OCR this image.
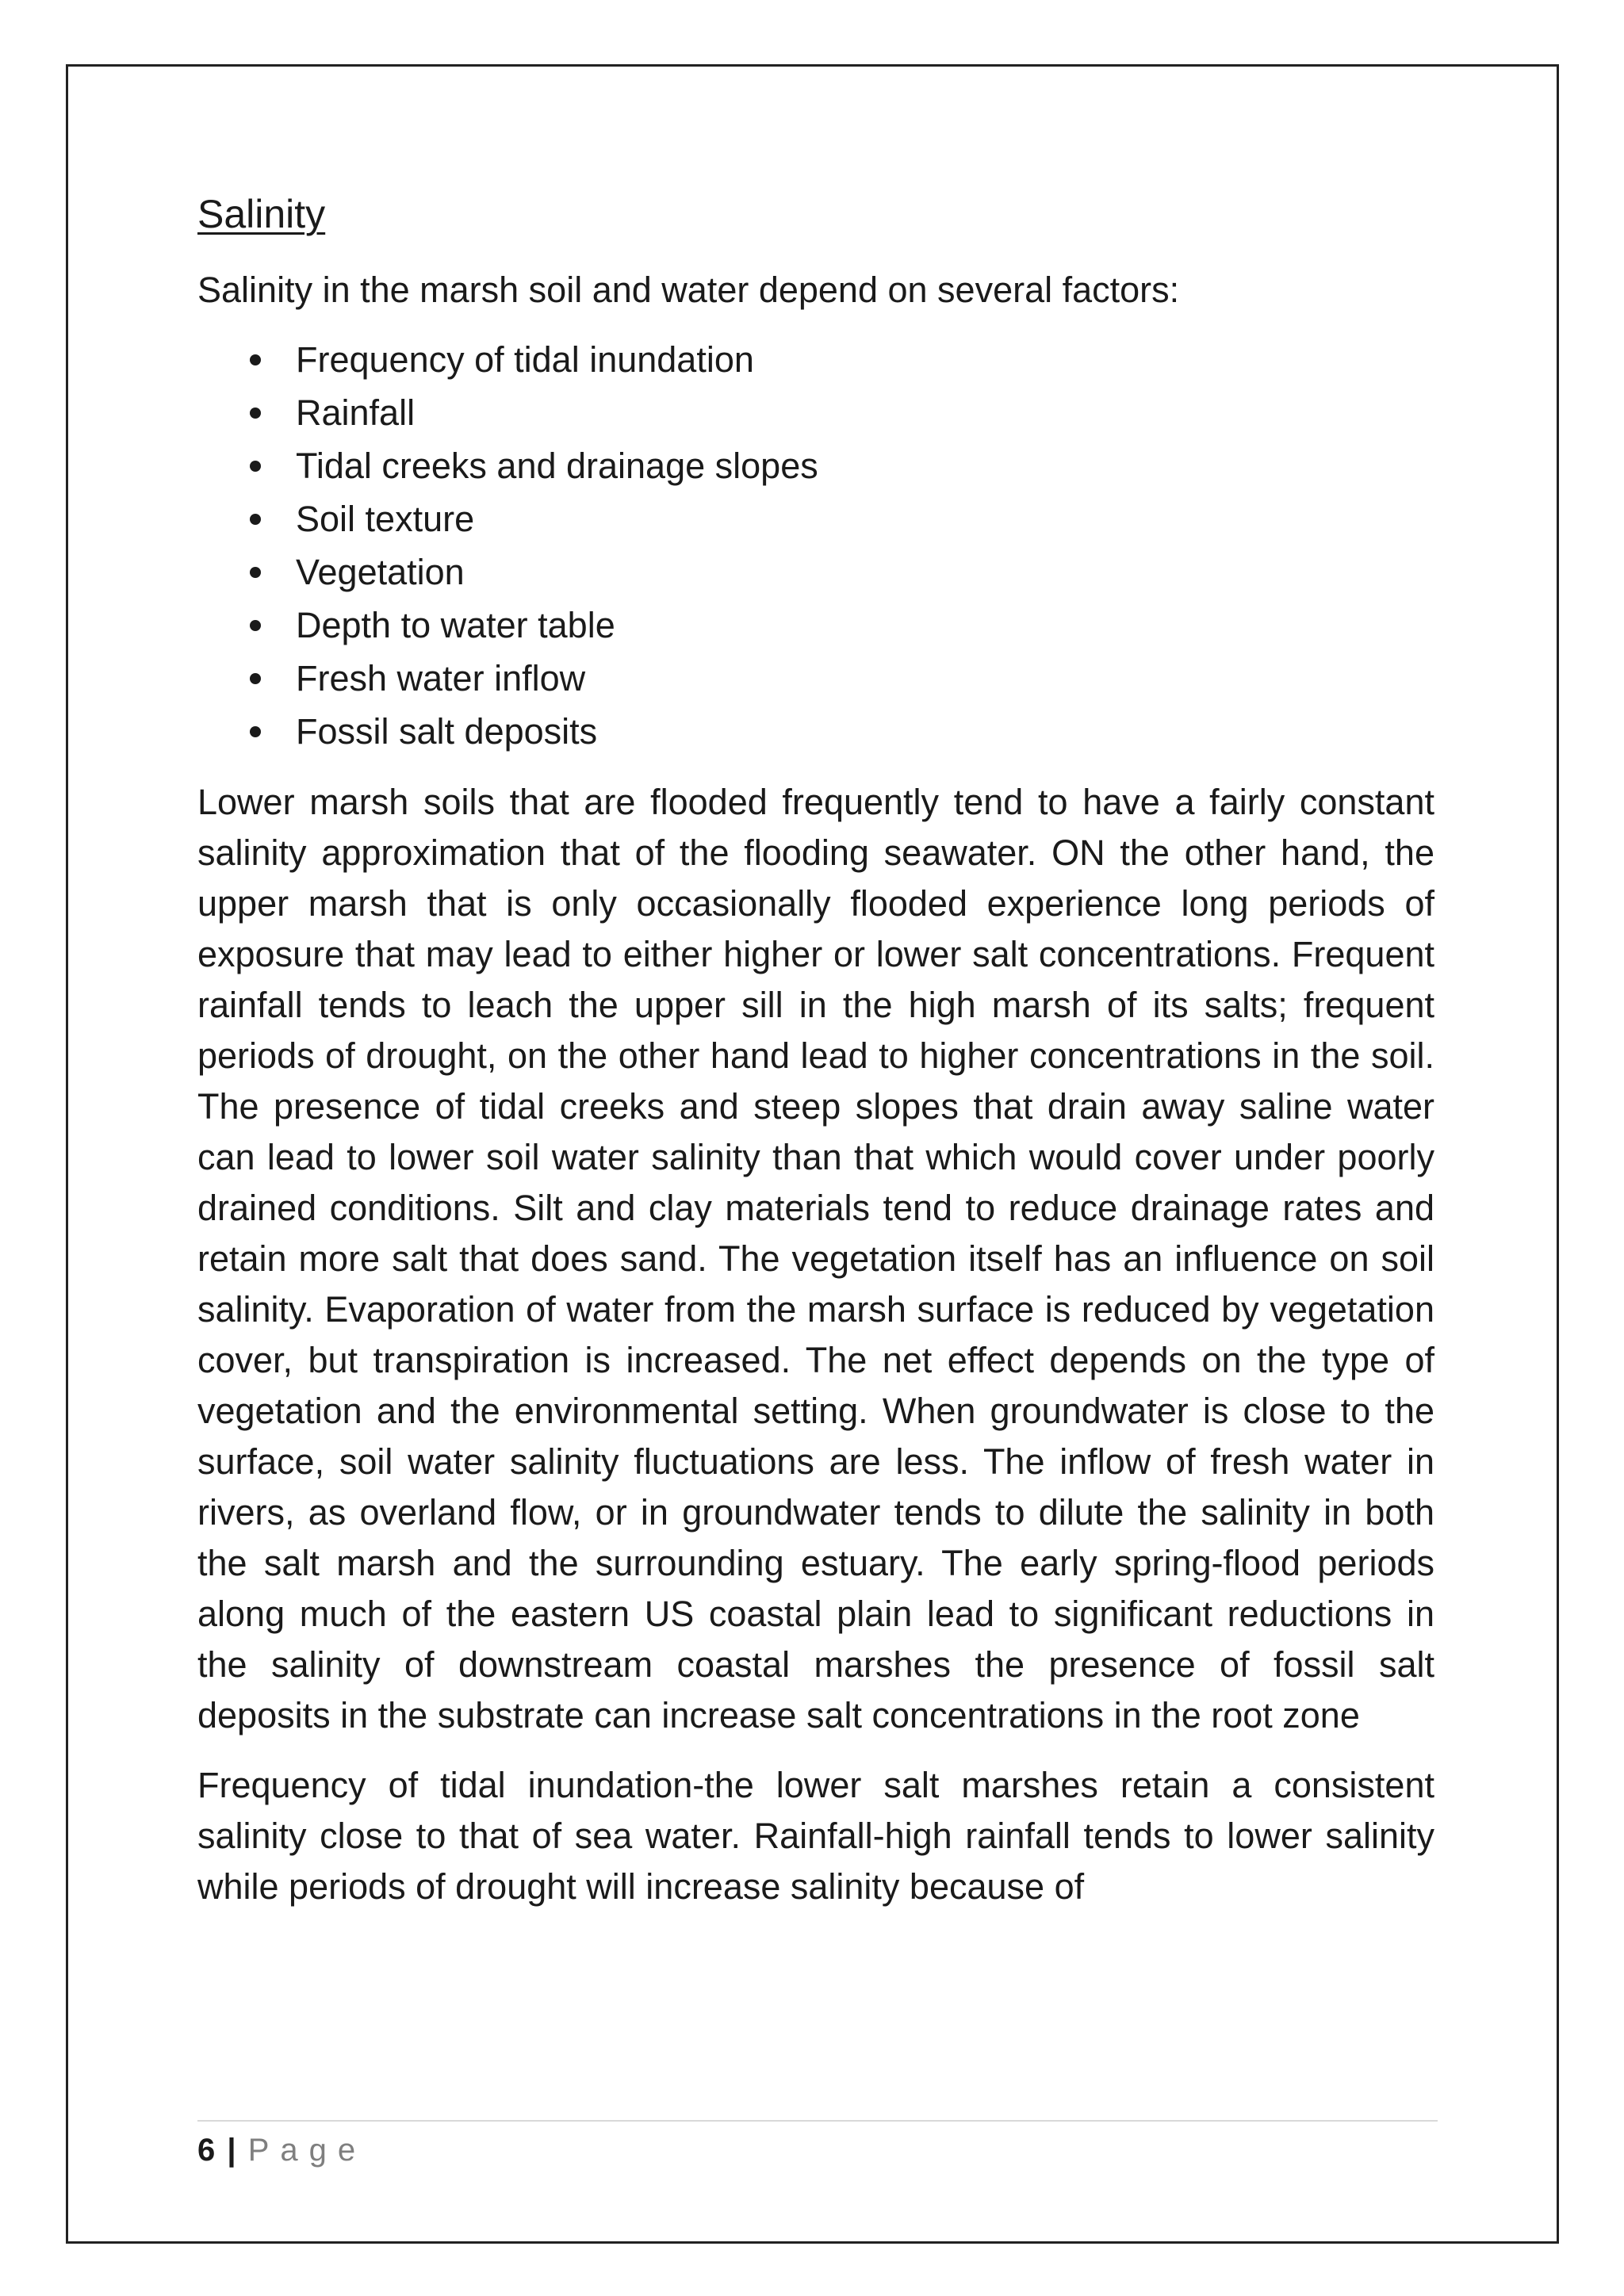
Salinity

Salinity in the marsh soil and water depend on several factors:

Frequency of tidal inundation
Rainfall
Tidal creeks and drainage slopes
Soil texture
Vegetation
Depth to water table
Fresh water inflow
Fossil salt deposits

Lower marsh soils that are flooded frequently tend to have a fairly constant salinity approximation that of the flooding seawater. ON the other hand, the upper marsh that is only occasionally flooded experience long periods of exposure that may lead to either higher or lower salt concentrations. Frequent rainfall tends to leach the upper sill in the high marsh of its salts; frequent periods of drought, on the other hand lead to higher concentrations in the soil. The presence of tidal creeks and steep slopes that drain away saline water can lead to lower soil water salinity than that which would cover under poorly drained conditions. Silt and clay materials tend to reduce drainage rates and retain more salt that does sand. The vegetation itself has an influence on soil salinity. Evaporation of water from the marsh surface is reduced by vegetation cover, but transpiration is increased. The net effect depends on the type of vegetation and the environmental setting. When groundwater is close to the surface, soil water salinity fluctuations are less. The inflow of fresh water in rivers, as overland flow, or in groundwater tends to dilute the salinity in both the salt marsh and the surrounding estuary. The early spring-flood periods along much of the eastern US coastal plain lead to significant reductions in the salinity of downstream coastal marshes the presence of fossil salt deposits in the substrate can increase salt concentrations in the root zone

Frequency of tidal inundation-the lower salt marshes retain a consistent salinity close to that of sea water. Rainfall-high rainfall tends to lower salinity while periods of drought will increase salinity because of

6 | Page
